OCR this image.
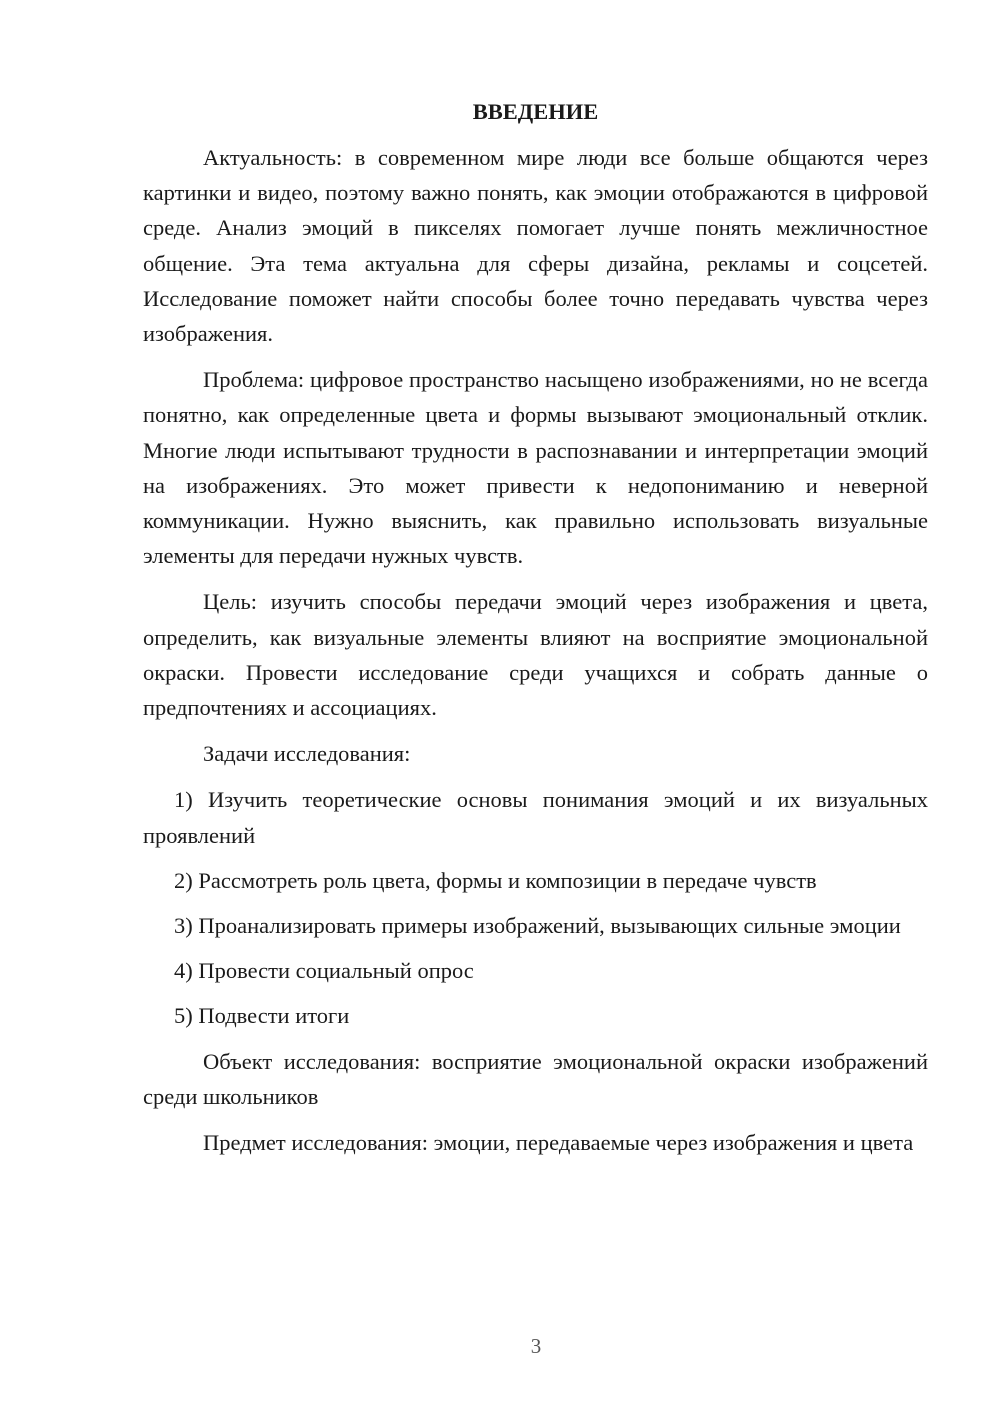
ВВЕДЕНИЕ

Актуальность: в современном мире люди все больше общаются через картинки и видео, поэтому важно понять, как эмоции отображаются в цифровой среде. Анализ эмоций в пикселях помогает лучше понять межличностное общение. Эта тема актуальна для сферы дизайна, рекламы и соцсетей. Исследование поможет найти способы более точно передавать чувства через изображения.

Проблема: цифровое пространство насыщено изображениями, но не всегда понятно, как определенные цвета и формы вызывают эмоциональный отклик. Многие люди испытывают трудности в распознавании и интерпретации эмоций на изображениях. Это может привести к недопониманию и неверной коммуникации. Нужно выяснить, как правильно использовать визуальные элементы для передачи нужных чувств.

Цель: изучить способы передачи эмоций через изображения и цвета, определить, как визуальные элементы влияют на восприятие эмоциональной окраски. Провести исследование среди учащихся и собрать данные о предпочтениях и ассоциациях.

Задачи исследования:

1) Изучить теоретические основы понимания эмоций и их визуальных проявлений

2) Рассмотреть роль цвета, формы и композиции в передаче чувств

3) Проанализировать примеры изображений, вызывающих сильные эмоции

4) Провести социальный опрос

5) Подвести итоги

Объект исследования: восприятие эмоциональной окраски изображений среди школьников

Предмет исследования: эмоции, передаваемые через изображения и цвета

3
